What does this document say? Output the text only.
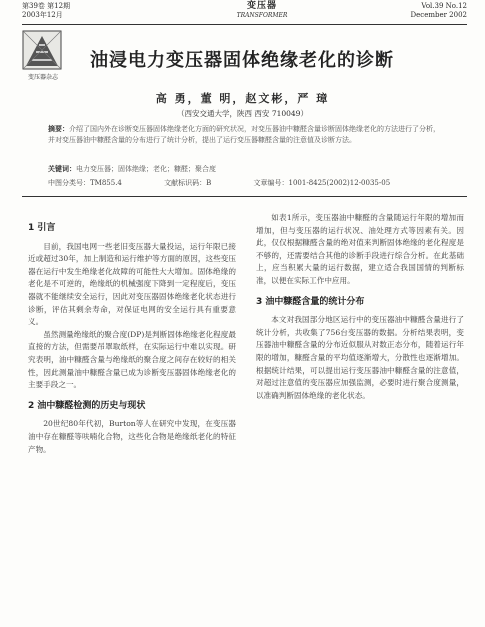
第39卷 第12期
2003年12月
变压器
TRANSFORMER
Vol.39 No.12
December 2002
变压器杂志
油浸电力变压器固体绝缘老化的诊断
高 勇，董 明，赵文彬，严 璋
（西安交通大学，陕西 西安 710049）
摘要：介绍了国内外在诊断变压器固体绝缘老化方面的研究状况，对变压器油中糠醛含量诊断固体绝缘老化的方法进行了分析，并对变压器油中糠醛含量的分布进行了统计分析，提出了运行变压器糠醛含量的注意值及诊断方法。
关键词：电力变压器；固体绝缘；老化；糠醛；聚合度
中图分类号：TM855.4	文献标识码：B	文章编号：1001-8425(2002)12-0035-05
1 引言

目前，我国电网一些老旧变压器大量投运，运行年限已接近或超过30年，加上制造和运行维护等方面的原因，这些变压器在运行中发生绝缘老化故障的可能性大大增加。固体绝缘的老化是不可逆的，绝缘纸的机械强度下降到一定程度后，变压器就不能继续安全运行，因此对变压器固体绝缘老化状态进行诊断，评估其剩余寿命，对保证电网的安全运行具有重要意义。

虽然测量绝缘纸的聚合度(DP)是判断固体绝缘老化程度最直接的方法，但需要吊罩取纸样，在实际运行中难以实现。研究表明，油中糠醛含量与绝缘纸的聚合度之间存在较好的相关性，因此测量油中糠醛含量已成为诊断变压器固体绝缘老化的主要手段之一。

2 油中糠醛检测的历史与现状

20世纪80年代初，Burton等人在研究中发现，在变压器油中存在糠醛等呋喃化合物，这些化合物是绝缘纸老化的特征产物。

如表1所示，变压器油中糠醛的含量随运行年限的增加而增加，但与变压器的运行状况、油处理方式等因素有关。因此，仅仅根据糠醛含量的绝对值来判断固体绝缘的老化程度是不够的，还需要结合其他的诊断手段进行综合分析。在此基础上，应当积累大量的运行数据，建立适合我国国情的判断标准，以便在实际工作中应用。

3 油中糠醛含量的统计分布

本文对我国部分地区运行中的变压器油中糠醛含量进行了统计分析，共收集了756台变压器的数据。分析结果表明，变压器油中糠醛含量的分布近似服从对数正态分布，随着运行年限的增加，糠醛含量的平均值逐渐增大，分散性也逐渐增加。根据统计结果，可以提出运行变压器油中糠醛含量的注意值，对超过注意值的变压器应加强监测，必要时进行聚合度测量，以准确判断固体绝缘的老化状态。
